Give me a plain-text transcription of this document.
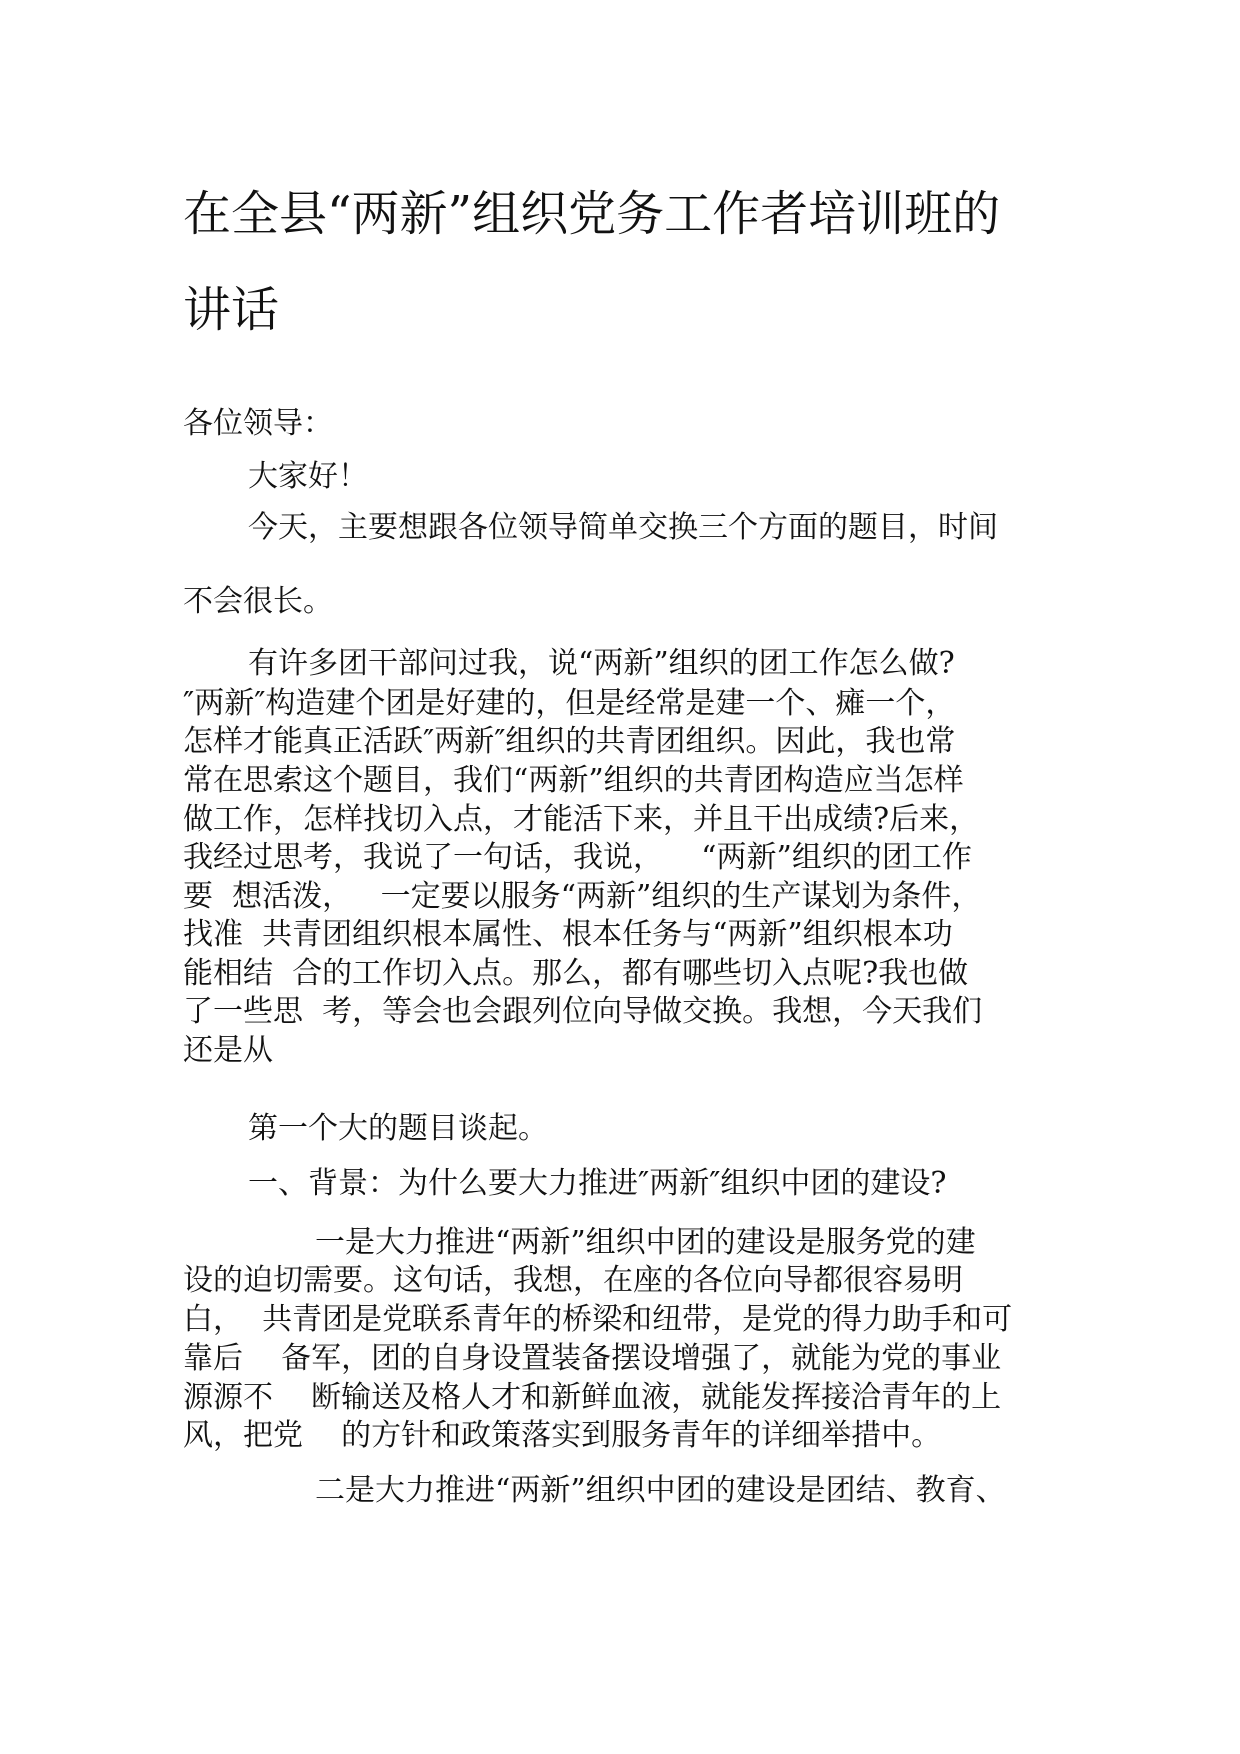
在全县“两新”组织党务工作者培训班的
讲话

各位领导：

大家好！

今天，主要想跟各位领导简单交换三个方面的题目，时间

不会很长。

有许多团干部问过我，说“两新”组织的团工作怎么做?

″两新″构造建个团是好建的，但是经常是建一个、瘫一个，

怎样才能真正活跃″两新″组织的共青团组织。因此，我也常

常在思索这个题目，我们“两新”组织的共青团构造应当怎样

做工作，怎样找切入点，才能活下来，并且干出成绩?后来，

我经过思考，我说了一句话，我说，    “两新”组织的团工作

要  想活泼，   一定要以服务“两新”组织的生产谋划为条件，

找准  共青团组织根本属性、根本任务与“两新”组织根本功

能相结  合的工作切入点。那么，都有哪些切入点呢?我也做

了一些思  考，等会也会跟列位向导做交换。我想，今天我们

还是从

第一个大的题目谈起。

一、背景：为什么要大力推进″两新″组织中团的建设?

一是大力推进“两新”组织中团的建设是服务党的建

设的迫切需要。这句话，我想，在座的各位向导都很容易明

白，  共青团是党联系青年的桥梁和纽带，是党的得力助手和可

靠后    备军，团的自身设置装备摆设增强了，就能为党的事业

源源不    断输送及格人才和新鲜血液，就能发挥接洽青年的上

风，把党    的方针和政策落实到服务青年的详细举措中。

二是大力推进“两新”组织中团的建设是团结、教育、
